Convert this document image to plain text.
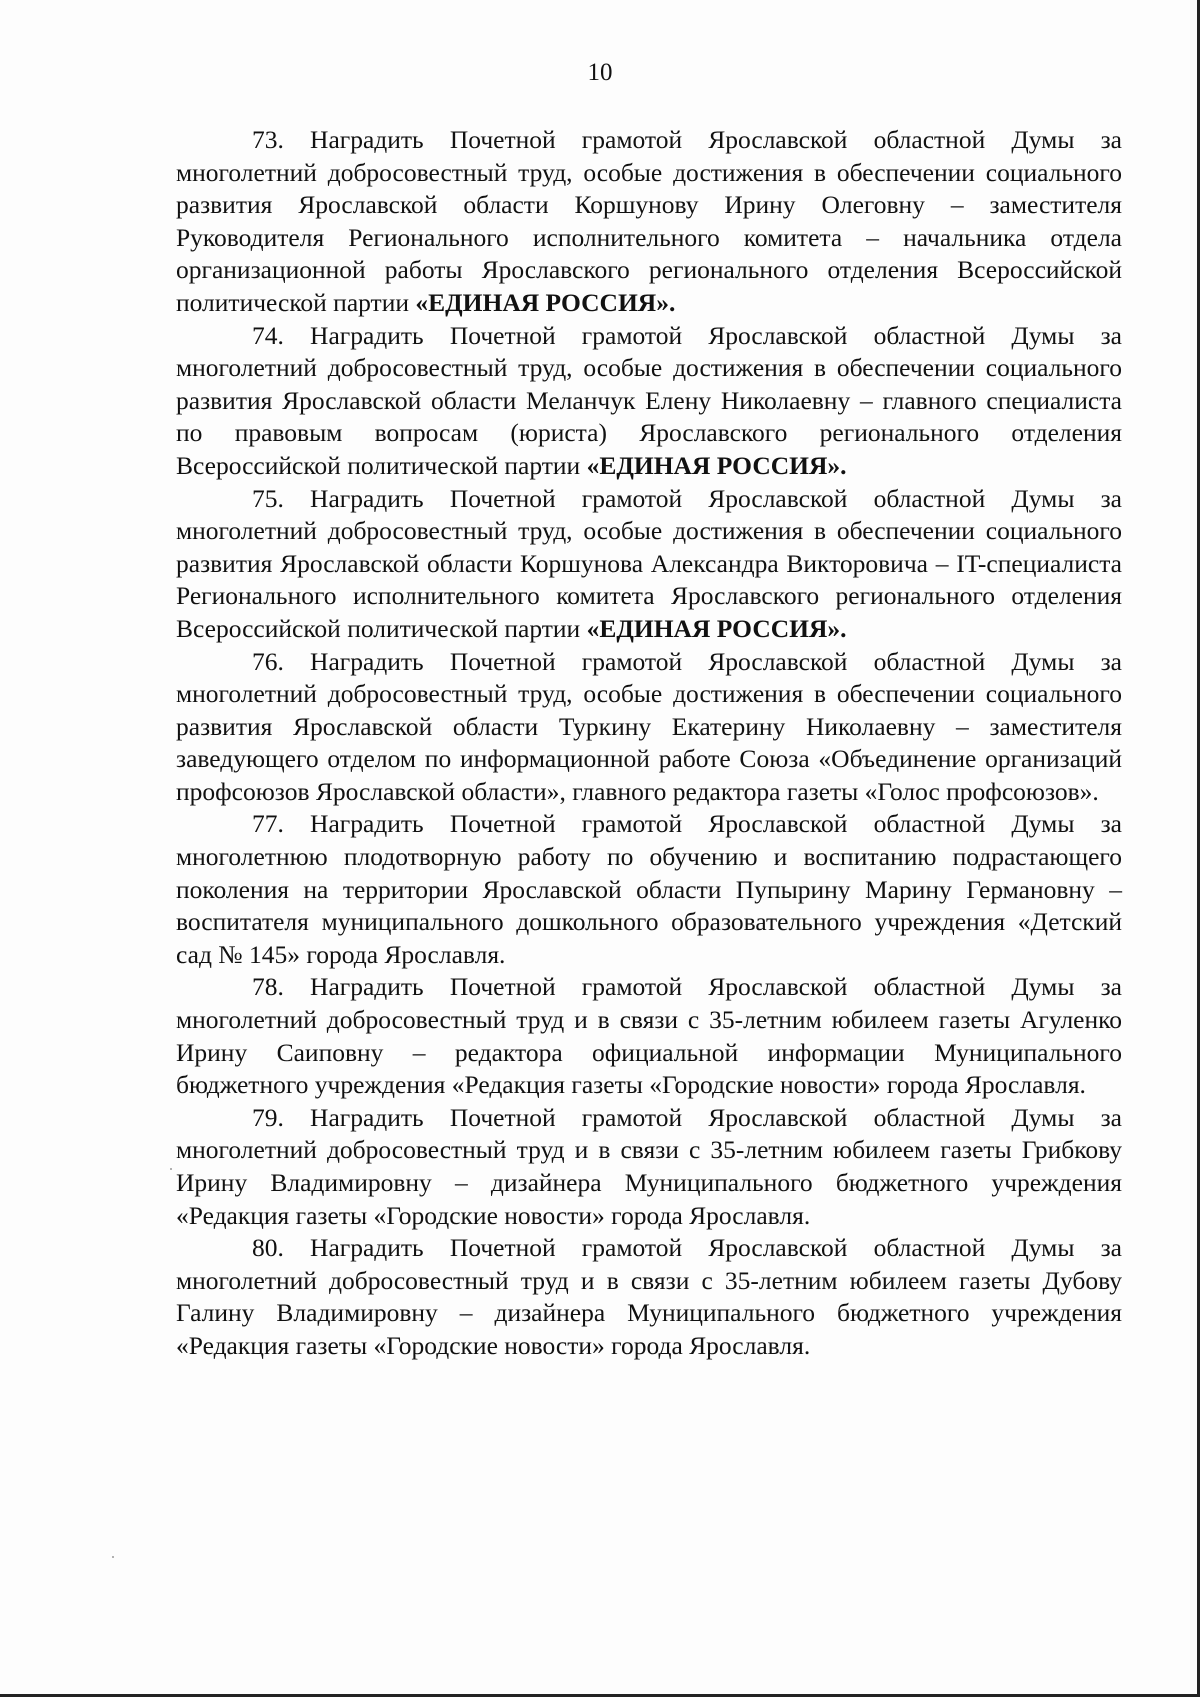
10

73. Наградить Почетной грамотой Ярославской областной Думы за многолетний добросовестный труд, особые достижения в обеспечении социального развития Ярославской области Коршунову Ирину Олеговну – заместителя Руководителя Регионального исполнительного комитета – начальника отдела организационной работы Ярославского регионального отделения Всероссийской политической партии «ЕДИНАЯ РОССИЯ».

74. Наградить Почетной грамотой Ярославской областной Думы за многолетний добросовестный труд, особые достижения в обеспечении социального развития Ярославской области Меланчук Елену Николаевну – главного специалиста по правовым вопросам (юриста) Ярославского регионального отделения Всероссийской политической партии «ЕДИНАЯ РОССИЯ».

75. Наградить Почетной грамотой Ярославской областной Думы за многолетний добросовестный труд, особые достижения в обеспечении социального развития Ярославской области Коршунова Александра Викторовича – IT-специалиста Регионального исполнительного комитета Ярославского регионального отделения Всероссийской политической партии «ЕДИНАЯ РОССИЯ».

76. Наградить Почетной грамотой Ярославской областной Думы за многолетний добросовестный труд, особые достижения в обеспечении социального развития Ярославской области Туркину Екатерину Николаевну – заместителя заведующего отделом по информационной работе Союза «Объединение организаций профсоюзов Ярославской области», главного редактора газеты «Голос профсоюзов».

77. Наградить Почетной грамотой Ярославской областной Думы за многолетнюю плодотворную работу по обучению и воспитанию подрастающего поколения на территории Ярославской области Пупырину Марину Германовну – воспитателя муниципального дошкольного образовательного учреждения «Детский сад № 145» города Ярославля.

78. Наградить Почетной грамотой Ярославской областной Думы за многолетний добросовестный труд и в связи с 35-летним юбилеем газеты Агуленко Ирину Саиповну – редактора официальной информации Муниципального бюджетного учреждения «Редакция газеты «Городские новости» города Ярославля.

79. Наградить Почетной грамотой Ярославской областной Думы за многолетний добросовестный труд и в связи с 35-летним юбилеем газеты Грибкову Ирину Владимировну – дизайнера Муниципального бюджетного учреждения «Редакция газеты «Городские новости» города Ярославля.

80. Наградить Почетной грамотой Ярославской областной Думы за многолетний добросовестный труд и в связи с 35-летним юбилеем газеты Дубову Галину Владимировну – дизайнера Муниципального бюджетного учреждения «Редакция газеты «Городские новости» города Ярославля.
